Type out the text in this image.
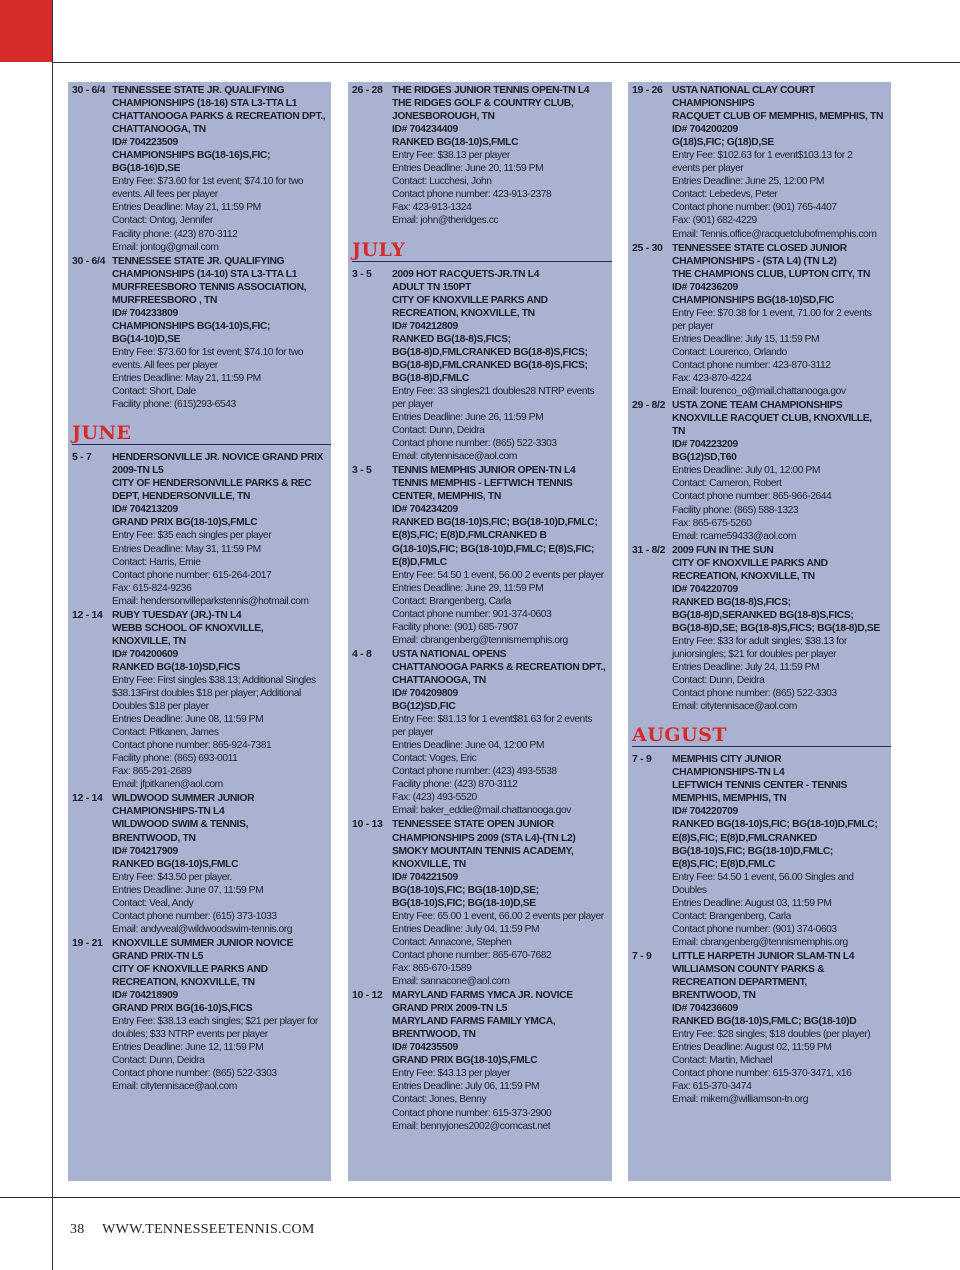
30 - 6/4 TENNESSEE STATE JR. QUALIFYING
CHAMPIONSHIPS (18-16) STA L3-TTA L1
CHATTANOOGA PARKS & RECREATION DPT.,
CHATTANOOGA, TN
ID# 704223509
CHAMPIONSHIPS BG(18-16)S,FIC;
BG(18-16)D,SE
Entry Fee: $73.60 for 1st event; $74.10 for two
events. All fees per player
Entries Deadline: May 21, 11:59 PM
Contact: Ontog, Jennifer
Facility phone: (423) 870-3112
Email: jontog@gmail.com
30 - 6/4 TENNESSEE STATE JR. QUALIFYING
CHAMPIONSHIPS (14-10) STA L3-TTA L1
MURFREESBORO TENNIS ASSOCIATION,
MURFREESBORO , TN
ID# 704233809
CHAMPIONSHIPS BG(14-10)S,FIC;
BG(14-10)D,SE
Entry Fee: $73.60 for 1st event; $74.10 for two
events. All fees per player
Entries Deadline: May 21, 11:59 PM
Contact: Short, Dale
Facility phone: (615)293-6543
JUNE
5 - 7	HENDERSONVILLE JR. NOVICE GRAND PRIX
2009-TN L5
CITY OF HENDERSONVILLE PARKS & REC
DEPT, HENDERSONVILLE, TN
ID# 704213209
GRAND PRIX BG(18-10)S,FMLC
Entry Fee: $35 each singles per player
Entries Deadline: May 31, 11:59 PM
Contact: Harris, Ernie
Contact phone number: 615-264-2017
Fax: 615-824-9236
Email: hendersonvilleparkstennis@hotmail.com
12 - 14 RUBY TUESDAY (JR.)-TN L4
WEBB SCHOOL OF KNOXVILLE,
KNOXVILLE, TN
ID# 704200609
RANKED BG(18-10)SD,FICS
Entry Fee: First singles $38.13; Additional Singles
$38.13First doubles $18 per player; Additional
Doubles $18 per player
Entries Deadline: June 08, 11:59 PM
Contact: Pitkanen, James
Contact phone number: 865-924-7381
Facility phone: (865) 693-0011
Fax: 865-291-2689
Email: jfpitkanen@aol.com
12 - 14 WILDWOOD SUMMER JUNIOR
CHAMPIONSHIPS-TN L4
WILDWOOD SWIM & TENNIS,
BRENTWOOD, TN
ID# 704217909
RANKED BG(18-10)S,FMLC
Entry Fee: $43.50 per player.
Entries Deadline: June 07, 11:59 PM
Contact: Veal, Andy
Contact phone number: (615) 373-1033
Email: andyveal@wildwoodswim-tennis.org
19 - 21 KNOXVILLE SUMMER JUNIOR NOVICE
GRAND PRIX-TN L5
CITY OF KNOXVILLE PARKS AND
RECREATION, KNOXVILLE, TN
ID# 704218909
GRAND PRIX BG(16-10)S,FICS
Entry Fee: $38.13 each singles; $21 per player for
doubles; $33 NTRP events per player
Entries Deadline: June 12, 11:59 PM
Contact: Dunn, Deidra
Contact phone number: (865) 522-3303
Email: citytennisace@aol.com
26 - 28 THE RIDGES JUNIOR TENNIS OPEN-TN L4
THE RIDGES GOLF & COUNTRY CLUB,
JONESBOROUGH, TN
ID# 704234409
RANKED BG(18-10)S,FMLC
Entry Fee: $38.13 per player
Entries Deadline: June 20, 11:59 PM
Contact: Lucchesi, John
Contact phone number: 423-913-2378
Fax: 423-913-1324
Email: john@theridges.cc
JULY
3 - 5	2009 HOT RACQUETS-JR.TN L4
ADULT TN 150PT
CITY OF KNOXVILLE PARKS AND
RECREATION, KNOXVILLE, TN
ID# 704212809
RANKED BG(18-8)S,FICS;
BG(18-8)D,FMLCRANKED BG(18-8)S,FICS;
BG(18-8)D,FMLCRANKED BG(18-8)S,FICS;
BG(18-8)D,FMLC
Entry Fee: 33 singles21 doubles28 NTRP events
per player
Entries Deadline: June 26, 11:59 PM
Contact: Dunn, Deidra
Contact phone number: (865) 522-3303
Email: citytennisace@aol.com
3 - 5	TENNIS MEMPHIS JUNIOR OPEN-TN L4
TENNIS MEMPHIS - LEFTWICH TENNIS
CENTER, MEMPHIS, TN
ID# 704234209
RANKED BG(18-10)S,FIC; BG(18-10)D,FMLC;
E(8)S,FIC; E(8)D,FMLCRANKED B
G(18-10)S,FIC; BG(18-10)D,FMLC; E(8)S,FIC;
E(8)D,FMLC
Entry Fee: 54.50 1 event, 56.00 2 events per player
Entries Deadline: June 29, 11:59 PM
Contact: Brangenberg, Carla
Contact phone number: 901-374-0603
Facility phone: (901) 685-7907
Email: cbrangenberg@tennismemphis.org
4 - 8	USTA NATIONAL OPENS
CHATTANOOGA PARKS & RECREATION DPT.,
CHATTANOOGA, TN
ID# 704209809
BG(12)SD,FIC
Entry Fee: $81.13 for 1 event$81.63 for 2 events
per player
Entries Deadline: June 04, 12:00 PM
Contact: Voges, Eric
Contact phone number: (423) 493-5538
Facility phone: (423) 870-3112
Fax: (423) 493-5520
Email: baker_eddie@mail.chattanooga.gov
10 - 13 TENNESSEE STATE OPEN JUNIOR
CHAMPIONSHIPS 2009 (STA L4)-(TN L2)
SMOKY MOUNTAIN TENNIS ACADEMY,
KNOXVILLE, TN
ID# 704221509
BG(18-10)S,FIC; BG(18-10)D,SE;
BG(18-10)S,FIC; BG(18-10)D,SE
Entry Fee: 65.00 1 event, 66.00 2 events per player
Entries Deadline: July 04, 11:59 PM
Contact: Annacone, Stephen
Contact phone number: 865-670-7682
Fax: 865-670-1589
Email: sannacone@aol.com
10 - 12 MARYLAND FARMS YMCA JR. NOVICE
GRAND PRIX 2009-TN L5
MARYLAND FARMS FAMILY YMCA,
BRENTWOOD, TN
ID# 704235509
GRAND PRIX BG(18-10)S,FMLC
Entry Fee: $43.13 per player
Entries Deadline: July 06, 11:59 PM
Contact: Jones, Benny
Contact phone number: 615-373-2900
Email: bennyjones2002@comcast.net
19 - 26 USTA NATIONAL CLAY COURT
CHAMPIONSHIPS
RACQUET CLUB OF MEMPHIS, MEMPHIS, TN
ID# 704200209
G(18)S,FIC; G(18)D,SE
Entry Fee: $102.63 for 1 event$103.13 for 2
events per player
Entries Deadline: June 25, 12:00 PM
Contact: Lebedevs, Peter
Contact phone number: (901) 765-4407
Fax: (901) 682-4229
Email: Tennis.office@racquetclubofmemphis.com
25 - 30 TENNESSEE STATE CLOSED JUNIOR
CHAMPIONSHIPS - (STA L4) (TN L2)
THE CHAMPIONS CLUB, LUPTON CITY, TN
ID# 704236209
CHAMPIONSHIPS BG(18-10)SD,FIC
Entry Fee: $70.38 for 1 event, 71.00 for 2 events
per player
Entries Deadline: July 15, 11:59 PM
Contact: Lourenco, Orlando
Contact phone number: 423-870-3112
Fax: 423-870-4224
Email: lourenco_o@mail.chattanooga.gov
29 - 8/2 USTA ZONE TEAM CHAMPIONSHIPS
KNOXVILLE RACQUET CLUB, KNOXVILLE, TN
ID# 704223209
BG(12)SD,T60
Entries Deadline: July 01, 12:00 PM
Contact: Cameron, Robert
Contact phone number: 865-966-2644
Facility phone: (865) 588-1323
Fax: 865-675-5260
Email: rcame59433@aol.com
31 - 8/2 2009 FUN IN THE SUN
CITY OF KNOXVILLE PARKS AND
RECREATION, KNOXVILLE, TN
ID# 704220709
RANKED BG(18-8)S,FICS;
BG(18-8)D,SERANKED BG(18-8)S,FICS;
BG(18-8)D,SE; BG(18-8)S,FICS; BG(18-8)D,SE
Entry Fee: $33 for adult singles; $38.13 for
juniorsingles; $21 for doubles per player
Entries Deadline: July 24, 11:59 PM
Contact: Dunn, Deidra
Contact phone number: (865) 522-3303
Email: citytennisace@aol.com
AUGUST
7 - 9	MEMPHIS CITY JUNIOR
CHAMPIONSHIPS-TN L4
LEFTWICH TENNIS CENTER - TENNIS
MEMPHIS, MEMPHIS, TN
ID# 704220709
RANKED BG(18-10)S,FIC; BG(18-10)D,FMLC;
E(8)S,FIC; E(8)D,FMLCRANKED
BG(18-10)S,FIC; BG(18-10)D,FMLC;
E(8)S,FIC; E(8)D,FMLC
Entry Fee: 54.50 1 event, 56.00 Singles and
Doubles
Entries Deadline: August 03, 11:59 PM
Contact: Brangenberg, Carla
Contact phone number: (901) 374-0603
Email: cbrangenberg@tennismemphis.org
7 - 9	LITTLE HARPETH JUNIOR SLAM-TN L4
WILLIAMSON COUNTY PARKS &
RECREATION DEPARTMENT,
BRENTWOOD, TN
ID# 704236609
RANKED BG(18-10)S,FMLC; BG(18-10)D
Entry Fee: $28 singles; $18 doubles (per player)
Entries Deadline: August 02, 11:59 PM
Contact: Martin, Michael
Contact phone number: 615-370-3471, x16
Fax: 615-370-3474
Email: mikem@williamson-tn.org
38 WWW.TENNESSEETENNIS.COM
